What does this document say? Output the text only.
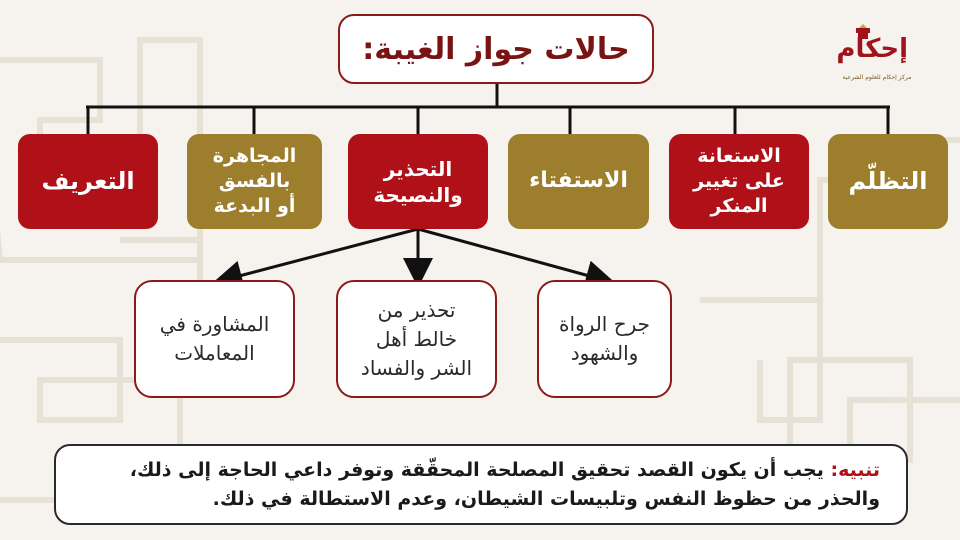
إحكام
مركز إحكام للعلوم الشرعية
حالات جواز الغيبة:
التعريف
المجاهرة
بالفسق
أو البدعة
التحذير
والنصيحة
الاستفتاء
الاستعانة
على تغيير
المنكر
التظلّم
المشاورة في
المعاملات
تحذير من
خالط أهل
الشر والفساد
جرح الرواة
والشهود
تنبيه: يجب أن يكون القصد تحقيق المصلحة المحقّقة وتوفر داعي الحاجة إلى ذلك، والحذر من حظوظ النفس وتلبيسات الشيطان، وعدم الاستطالة في ذلك.
